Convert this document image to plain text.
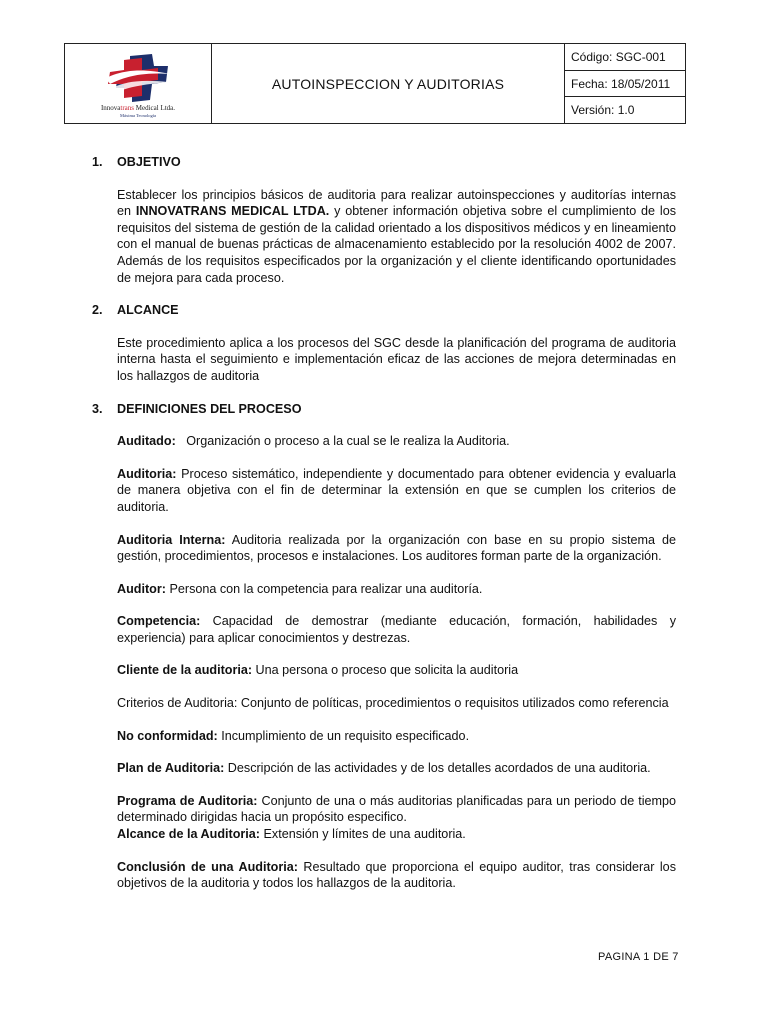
Innovatrans Medical Ltda.
Máxima Tecnología
AUTOINSPECCION Y AUDITORIAS
Código: SGC-001
Fecha: 18/05/2011
Versión: 1.0
1.	OBJETIVO
Establecer los principios básicos de auditoria para realizar autoinspecciones y auditorías internas en INNOVATRANS MEDICAL LTDA. y obtener información objetiva sobre el cumplimiento de los requisitos del sistema de gestión de la calidad orientado a los dispositivos médicos y en lineamiento con el manual de buenas prácticas de almacenamiento establecido por la resolución 4002 de 2007. Además de los requisitos especificados por la organización y el cliente identificando oportunidades de mejora para cada proceso.
2.	ALCANCE
Este procedimiento aplica a los procesos del SGC desde la planificación del programa de auditoria interna hasta el seguimiento e implementación eficaz de las acciones de mejora determinadas en los hallazgos de auditoria
3.	DEFINICIONES DEL PROCESO
Auditado:   Organización o proceso a la cual se le realiza la Auditoria.
Auditoria: Proceso sistemático, independiente y documentado para obtener evidencia y evaluarla de manera objetiva con el fin de determinar la extensión en que se cumplen los criterios de auditoria.
Auditoria Interna: Auditoria realizada por la organización con base en su propio sistema de gestión, procedimientos, procesos e instalaciones. Los auditores forman parte de la organización.
Auditor: Persona con la competencia para realizar una auditoría.
Competencia: Capacidad de demostrar (mediante educación, formación, habilidades y experiencia) para aplicar conocimientos y destrezas.
Cliente de la auditoria: Una persona o proceso que solicita la auditoria
Criterios de Auditoria: Conjunto de políticas, procedimientos o requisitos utilizados como referencia
No conformidad: Incumplimiento de un requisito especificado.
Plan de Auditoria: Descripción de las actividades y de los detalles acordados de una auditoria.
Programa de Auditoria: Conjunto de una o más auditorias planificadas para un periodo de tiempo determinado dirigidas hacia un propósito especifico.
Alcance de la Auditoria: Extensión y límites de una auditoria.
Conclusión de una Auditoria: Resultado que proporciona el equipo auditor, tras considerar los objetivos de la auditoria y todos los hallazgos de la auditoria.
PAGINA 1 DE 7
